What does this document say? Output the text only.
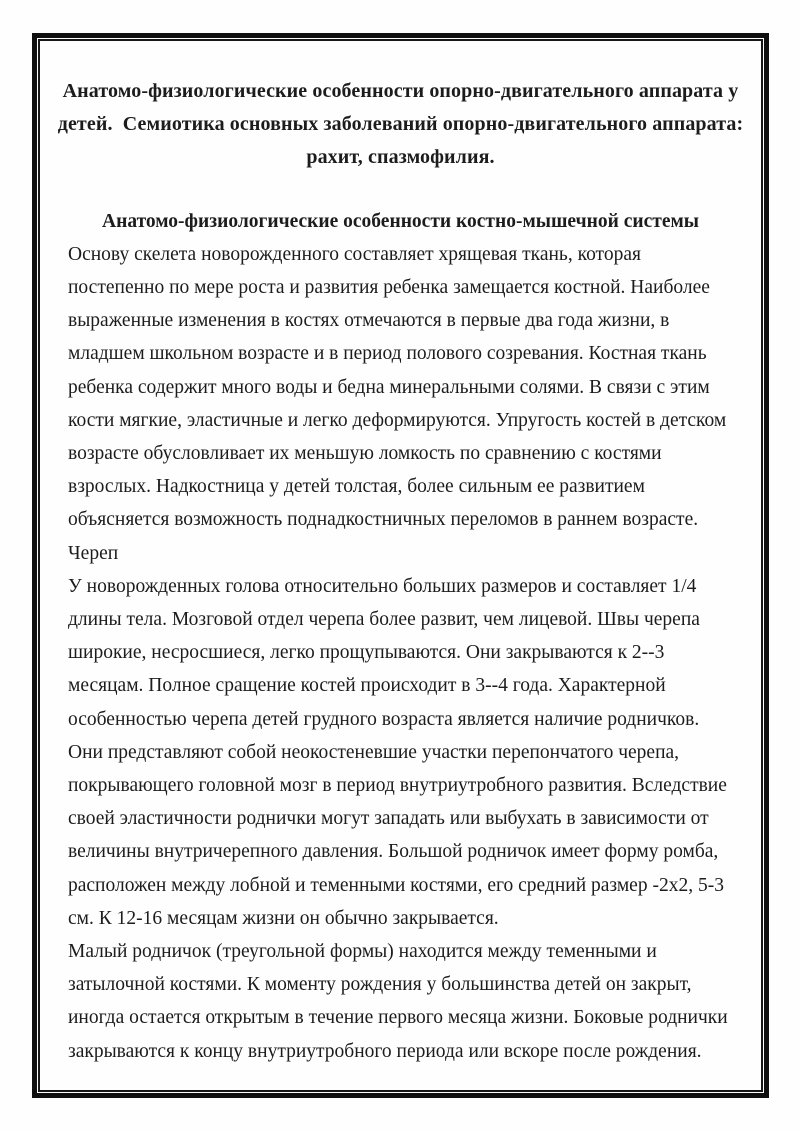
Анатомо-физиологические особенности опорно-двигательного аппарата у
детей.  Семиотика основных заболеваний опорно-двигательного аппарата:
рахит, спазмофилия.
Анатомо-физиологические особенности костно-мышечной системы
Основу скелета новорожденного составляет хрящевая ткань, которая
постепенно по мере роста и развития ребенка замещается костной. Наиболее
выраженные изменения в костях отмечаются в первые два года жизни, в
младшем школьном возрасте и в период полового созревания. Костная ткань
ребенка содержит много воды и бедна минеральными солями. В связи с этим
кости мягкие, эластичные и легко деформируются. Упругость костей в детском
возрасте обусловливает их меньшую ломкость по сравнению с костями
взрослых. Надкостница у детей толстая, более сильным ее развитием
объясняется возможность поднадкостничных переломов в раннем возрасте.
Череп
У новорожденных голова относительно больших размеров и составляет 1/4
длины тела. Мозговой отдел черепа более развит, чем лицевой. Швы черепа
широкие, несросшиеся, легко прощупываются. Они закрываются к 2--3
месяцам. Полное сращение костей происходит в 3--4 года. Характерной
особенностью черепа детей грудного возраста является наличие родничков.
Они представляют собой неокостеневшие участки перепончатого черепа,
покрывающего головной мозг в период внутриутробного развития. Вследствие
своей эластичности роднички могут западать или выбухать в зависимости от
величины внутричерепного давления. Большой родничок имеет форму ромба,
расположен между лобной и теменными костями, его средний размер -2х2, 5-3
см. К 12-16 месяцам жизни он обычно закрывается.
Малый родничок (треугольной формы) находится между теменными и
затылочной костями. К моменту рождения у большинства детей он закрыт,
иногда остается открытым в течение первого месяца жизни. Боковые роднички
закрываются к концу внутриутробного периода или вскоре после рождения.
